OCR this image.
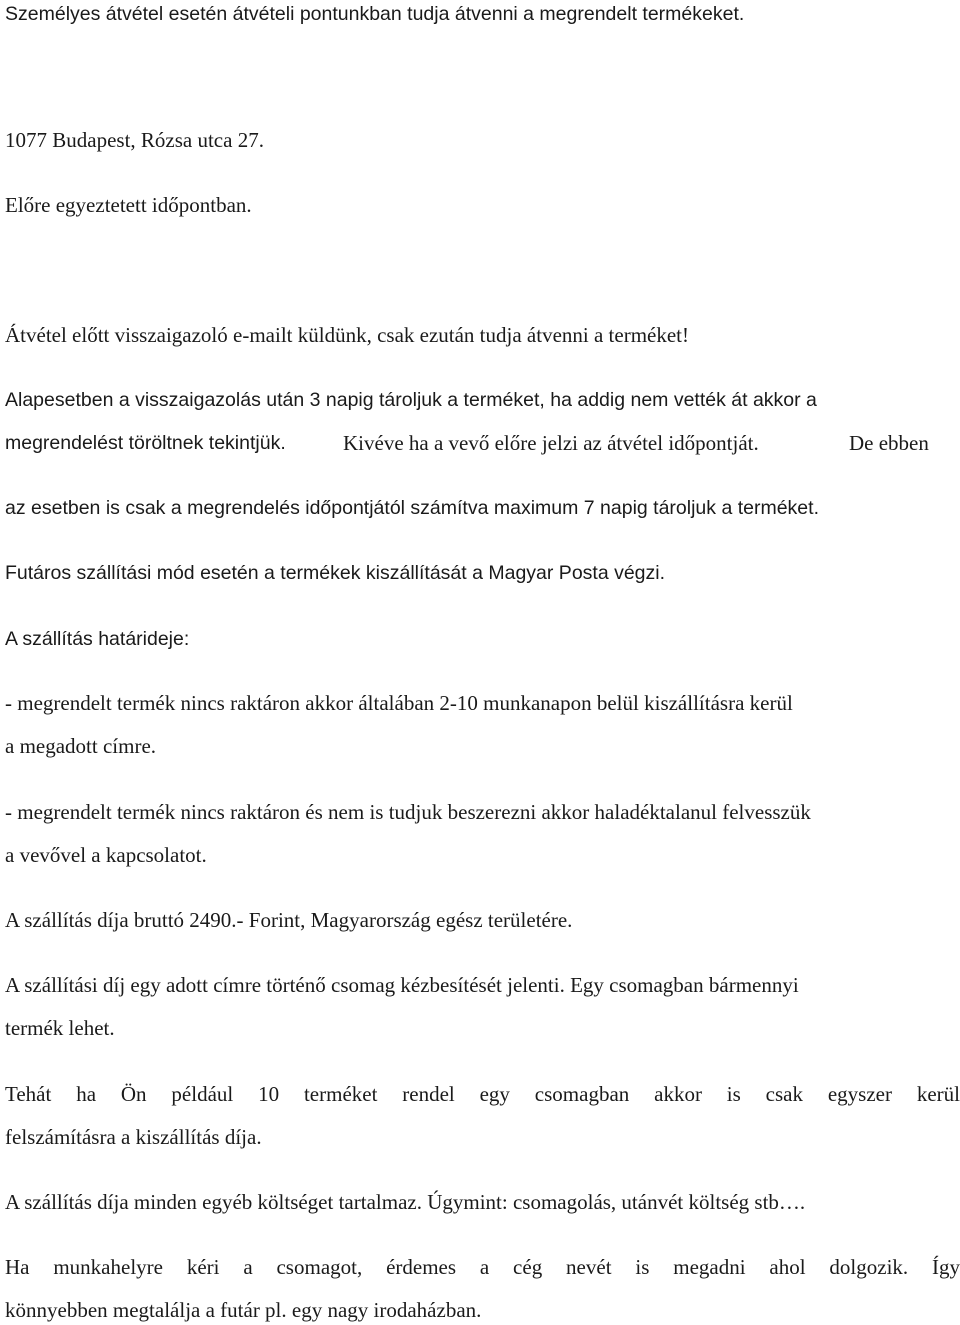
Személyes átvétel esetén átvételi pontunkban tudja átvenni a megrendelt termékeket.
1077 Budapest, Rózsa utca 27.
Előre egyeztetett időpontban.
Átvétel előtt visszaigazoló e-mailt küldünk, csak ezután tudja átvenni a terméket!
Alapesetben a visszaigazolás után 3 napig tároljuk a terméket, ha addig nem vették át akkor a
megrendelést töröltnek tekintjük.	Kivéve ha a vevő előre jelzi az átvétel időpontját.	De ebben
az esetben is csak a megrendelés időpontjától számítva maximum 7 napig tároljuk a terméket.
Futáros szállítási mód esetén a termékek kiszállítását a Magyar Posta végzi.
A szállítás határideje:
- megrendelt termék nincs raktáron akkor általában 2-10 munkanapon belül kiszállításra kerül
a megadott címre.
- megrendelt termék nincs raktáron és nem is tudjuk beszerezni akkor haladéktalanul felvesszük
a vevővel a kapcsolatot.
A szállítás díja bruttó 2490.- Forint, Magyarország egész területére.
A szállítási díj egy adott címre történő csomag kézbesítését jelenti. Egy csomagban bármennyi
termék lehet.
Tehát ha Ön például 10 terméket rendel egy csomagban akkor is csak egyszer kerül
felszámításra a kiszállítás díja.
A szállítás díja minden egyéb költséget tartalmaz. Úgymint: csomagolás, utánvét költség stb….
Ha munkahelyre kéri a csomagot, érdemes a cég nevét is megadni ahol dolgozik. Így
könnyebben megtalálja a futár pl. egy nagy irodaházban.
